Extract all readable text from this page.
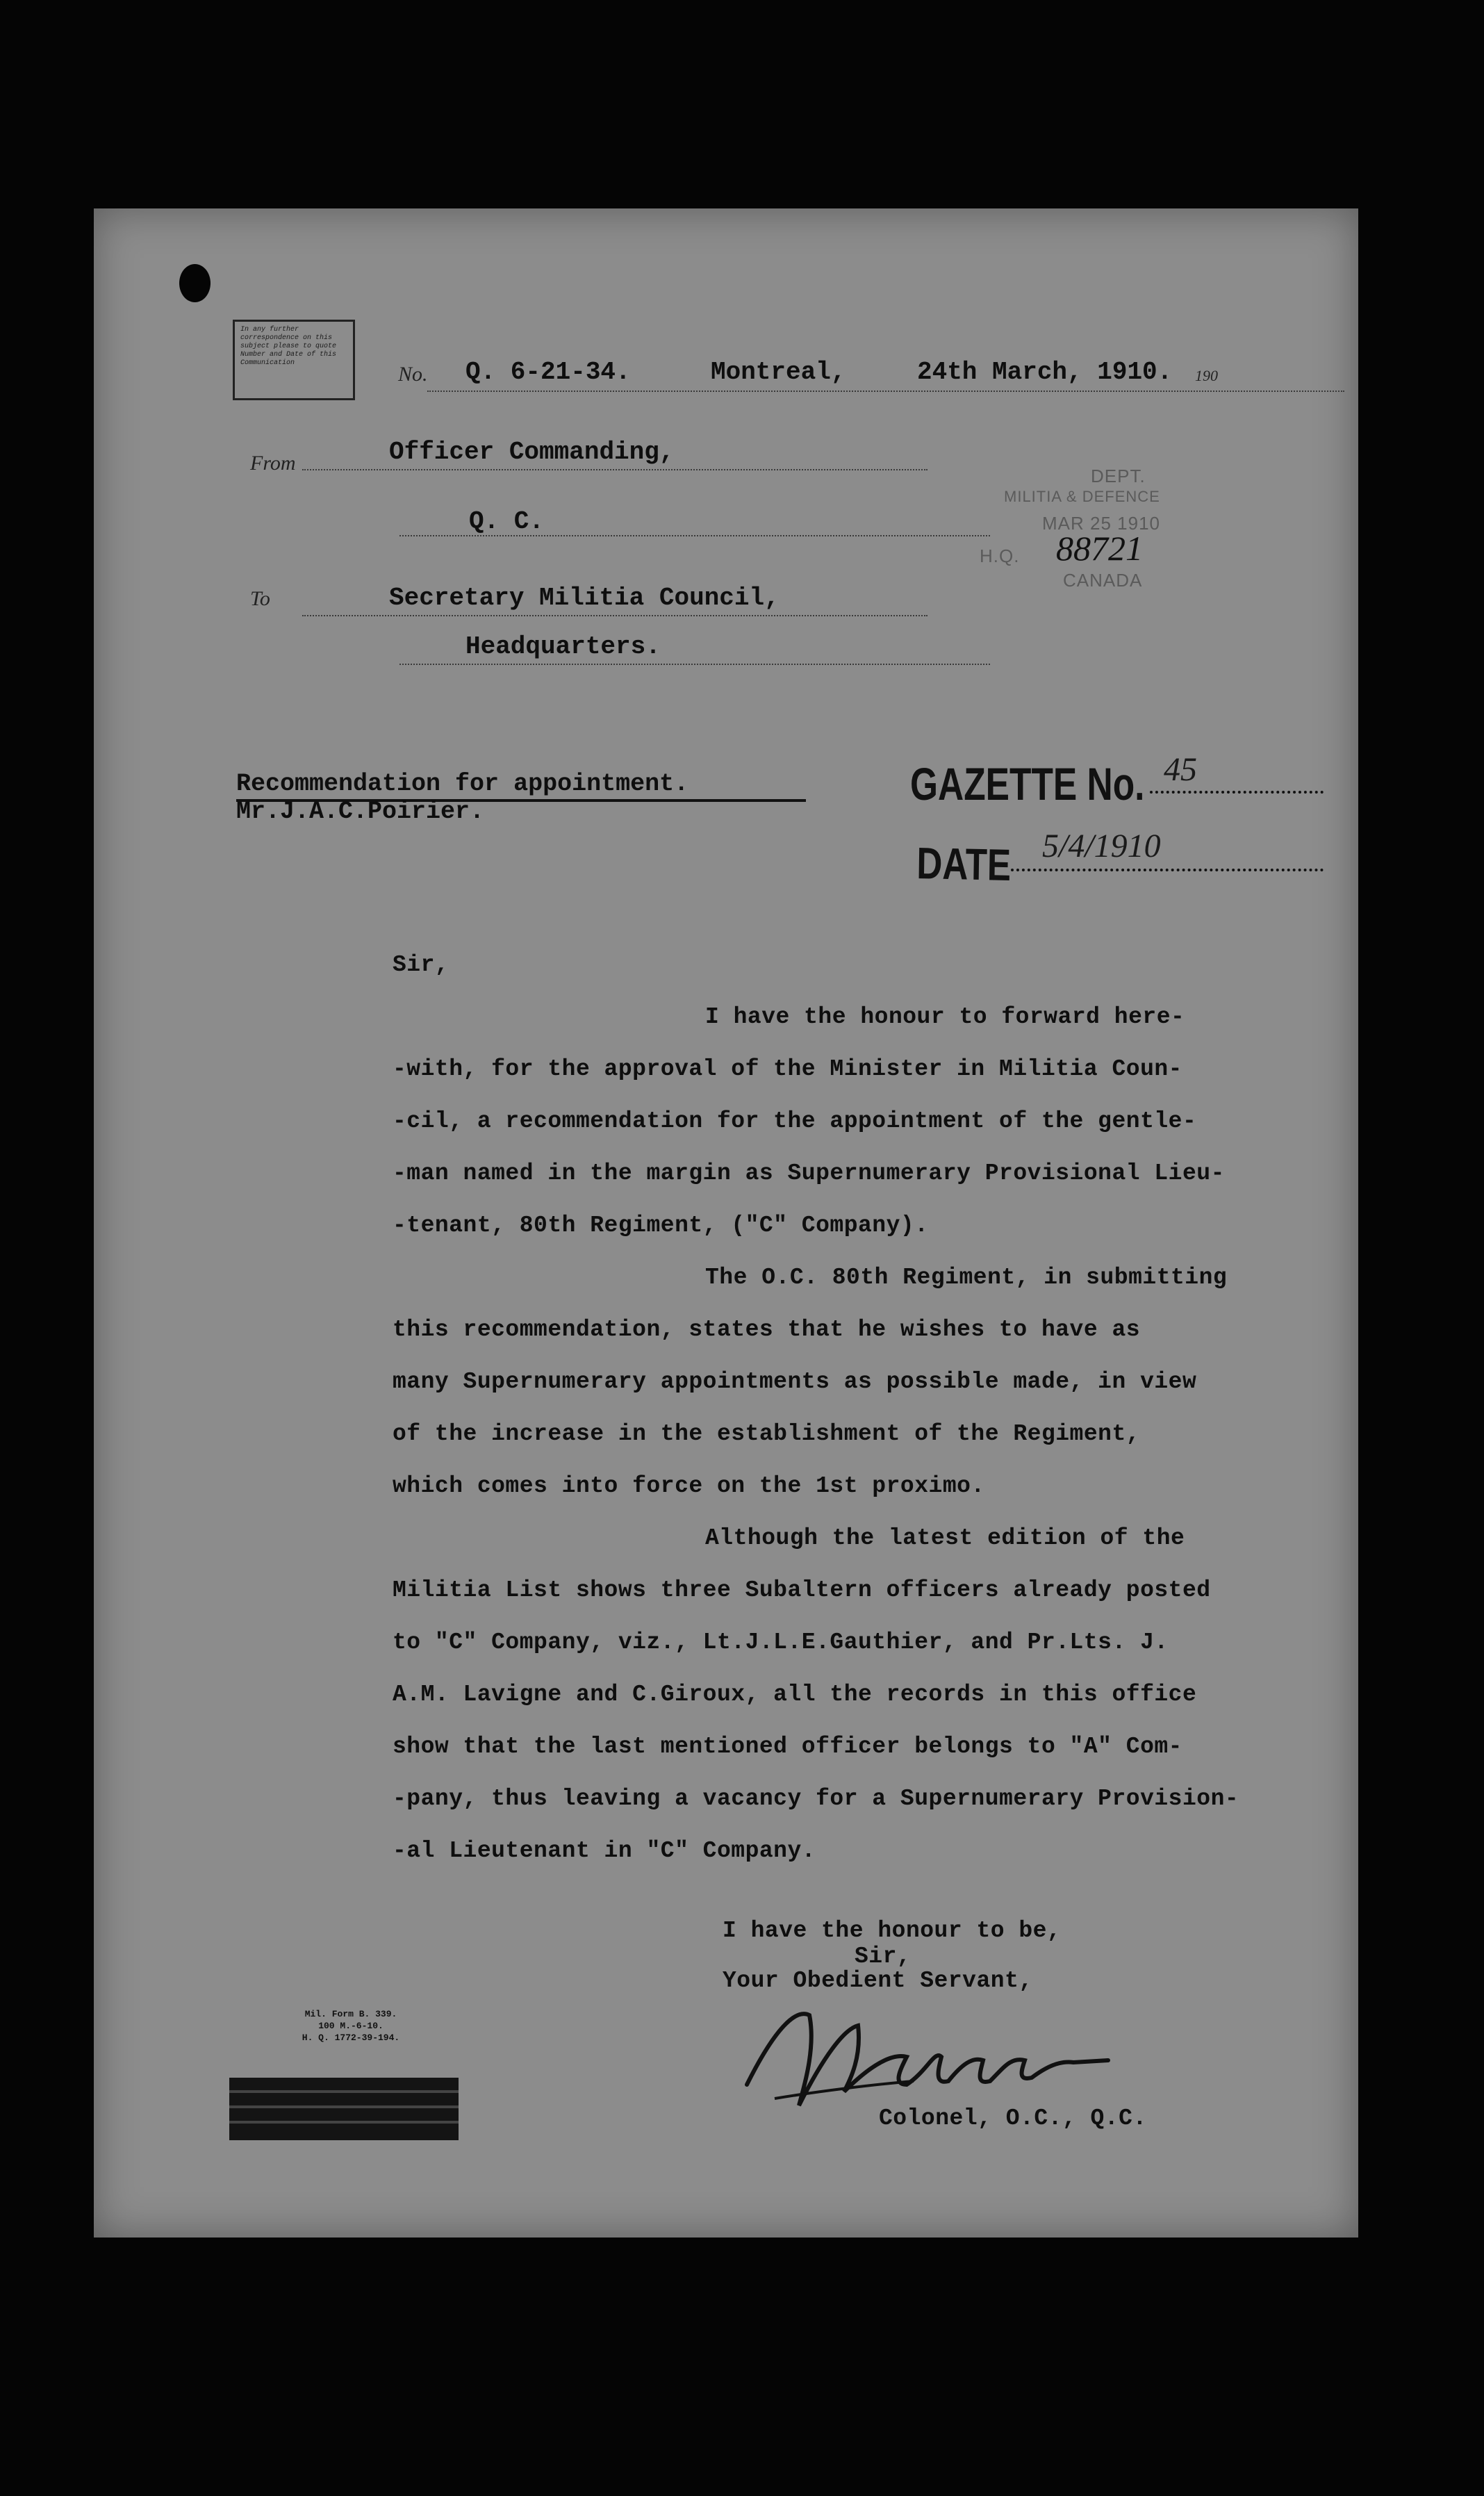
In any further correspondence on this subject please to quote Number and Date of this Communication	No. Q. 6-21-34.	Montreal,	24th March, 1910. 190
From	Officer Commanding,
Q. C.
To	Secretary Militia Council,
Headquarters.
DEPT.
MILITIA & DEFENCE
MAR 25 1910
H.Q. 88721
CANADA
Recommendation for appointment.
Mr.J.A.C.Poirier.
GAZETTE No. 45
DATE 5/4/1910
Sir,
I have the honour to forward here-
-with, for the approval of the Minister in Militia Coun-
-cil, a recommendation for the appointment of the gentle-
-man named in the margin as Supernumerary Provisional Lieu-
-tenant, 80th Regiment, ("C" Company).
The O.C. 80th Regiment, in submitting
this recommendation, states that he wishes to have as
many Supernumerary appointments as possible made, in view
of the increase in the establishment of the Regiment,
which comes into force on the 1st proximo.
Although the latest edition of the
Militia List shows three Subaltern officers already posted
to "C" Company, viz., Lt.J.L.E.Gauthier, and Pr.Lts. J.
A.M. Lavigne and C.Giroux, all the records in this office
show that the last mentioned officer belongs to "A" Com-
-pany, thus leaving a vacancy for a Supernumerary Provision-
-al Lieutenant in "C" Company.
I have the honour to be,
Sir,
Your Obedient Servant,
Colonel, O.C., Q.C.
Mil. Form B. 339.
100 M.-6-10.
H. Q. 1772-39-194.
